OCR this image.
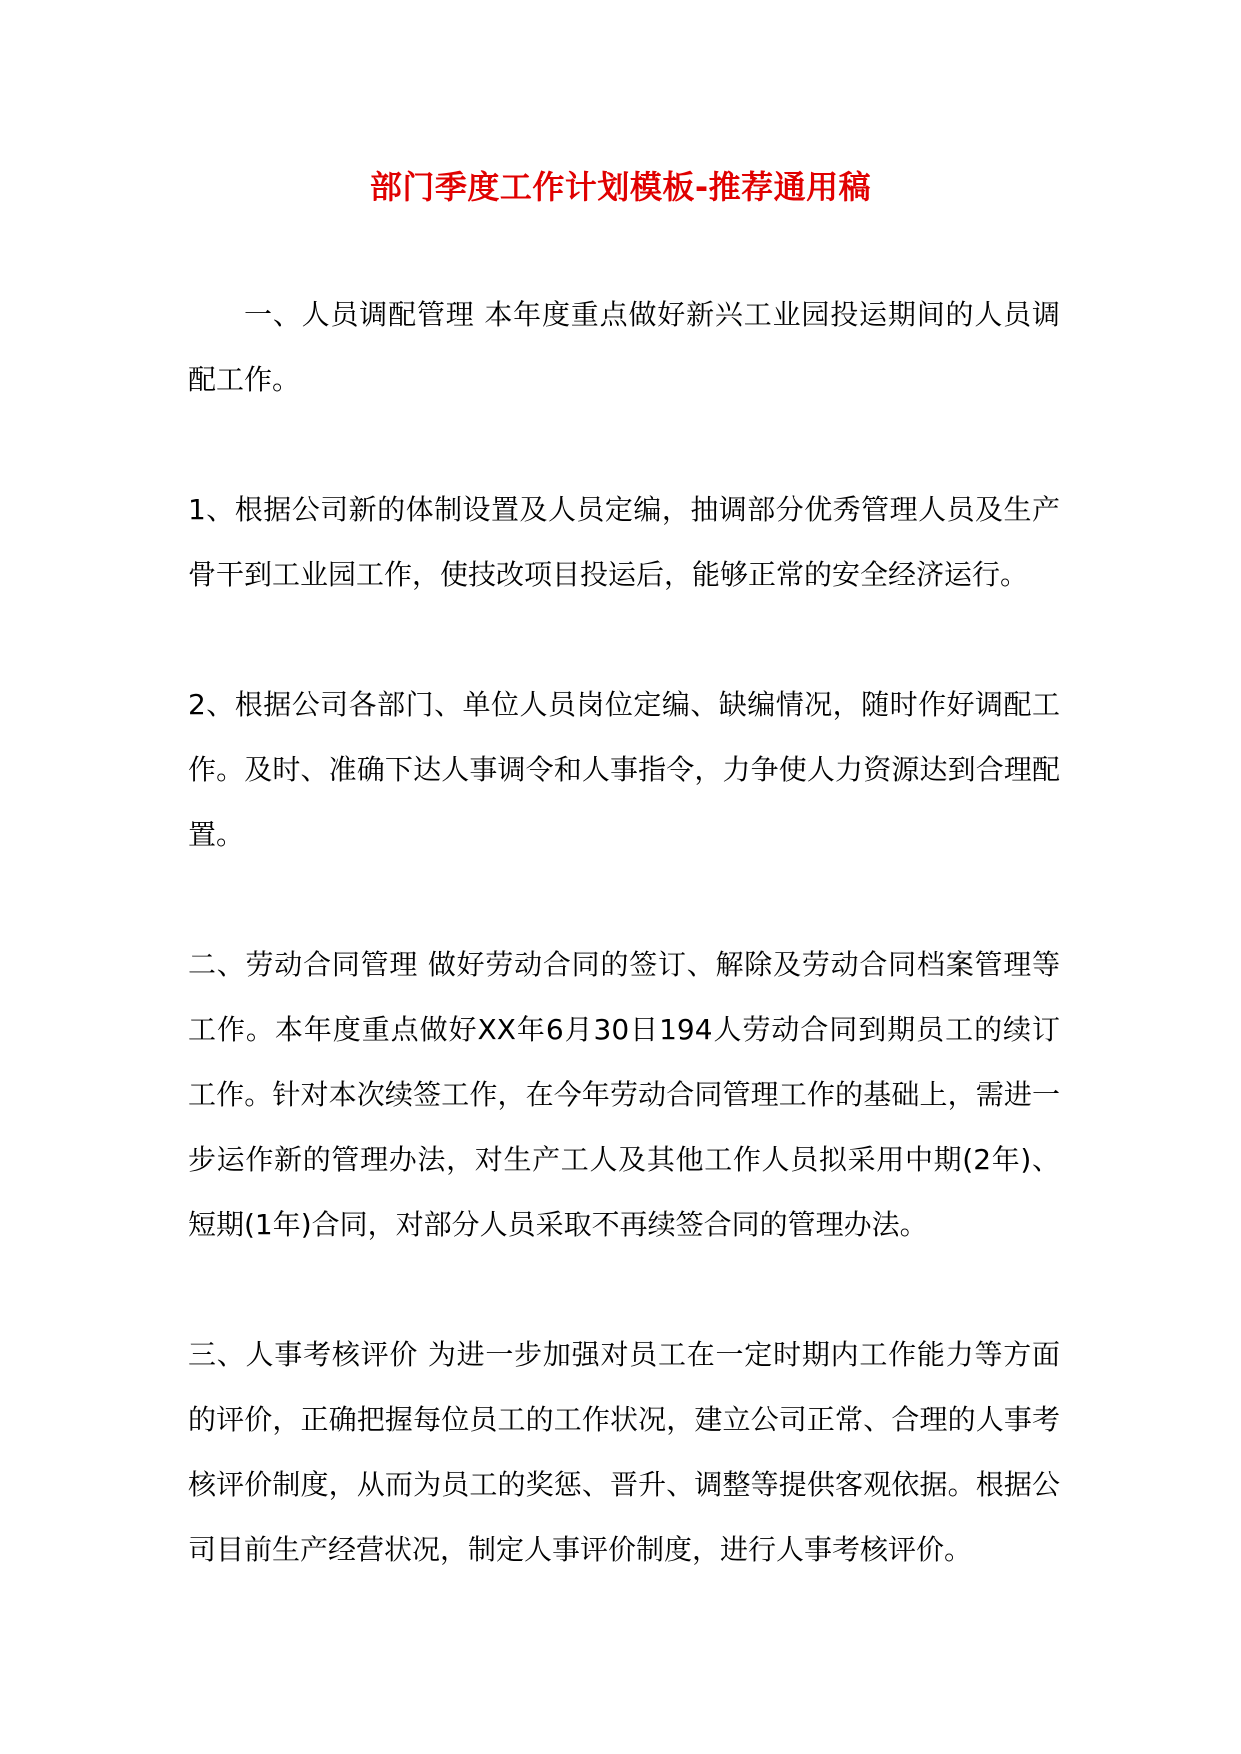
部门季度工作计划模板-推荐通用稿

一、人员调配管理 本年度重点做好新兴工业园投运期间的人员调配工作。

1、根据公司新的体制设置及人员定编，抽调部分优秀管理人员及生产骨干到工业园工作，使技改项目投运后，能够正常的安全经济运行。

2、根据公司各部门、单位人员岗位定编、缺编情况，随时作好调配工作。及时、准确下达人事调令和人事指令，力争使人力资源达到合理配置。

二、劳动合同管理 做好劳动合同的签订、解除及劳动合同档案管理等工作。本年度重点做好XX年6月30日194人劳动合同到期员工的续订工作。针对本次续签工作，在今年劳动合同管理工作的基础上，需进一步运作新的管理办法，对生产工人及其他工作人员拟采用中期(2年)、短期(1年)合同，对部分人员采取不再续签合同的管理办法。

三、人事考核评价 为进一步加强对员工在一定时期内工作能力等方面的评价，正确把握每位员工的工作状况，建立公司正常、合理的人事考核评价制度，从而为员工的奖惩、晋升、调整等提供客观依据。根据公司目前生产经营状况，制定人事评价制度，进行人事考核评价。
